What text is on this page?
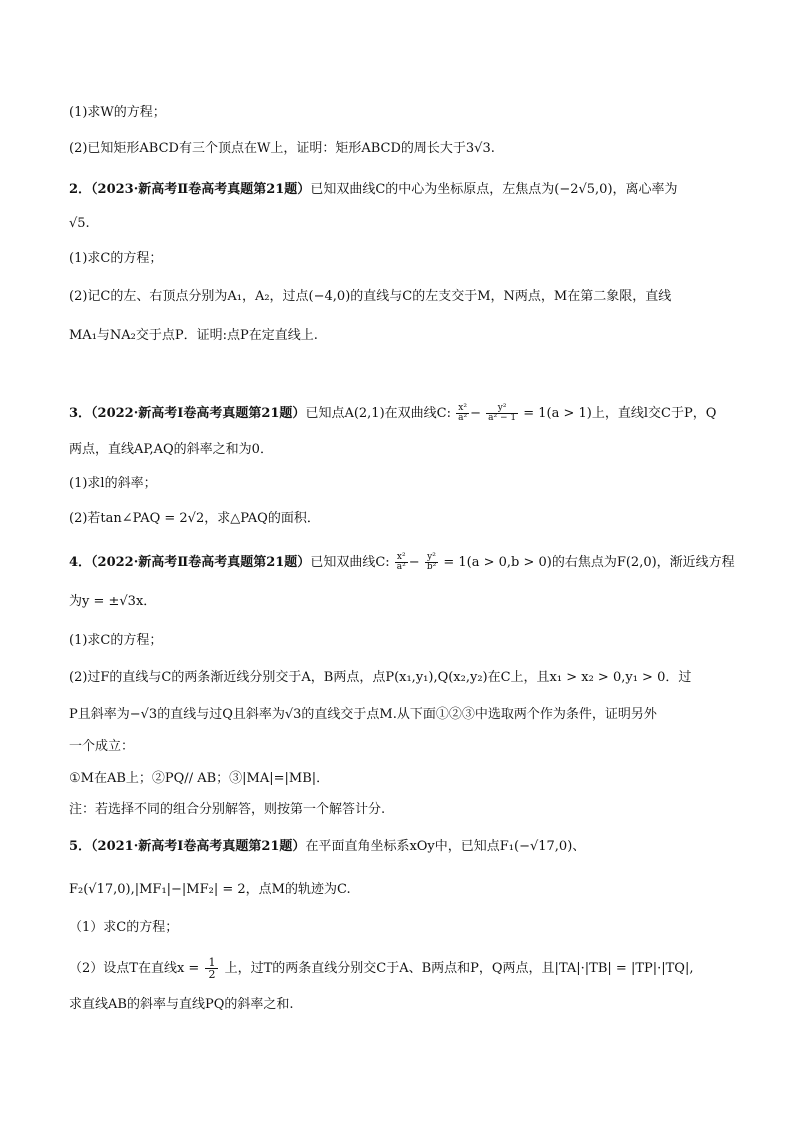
(1)求W的方程；
(2)已知矩形ABCD有三个顶点在W上，证明：矩形ABCD的周长大于3√3.
2．（2023·新高考Ⅱ卷高考真题第21题）已知双曲线C的中心为坐标原点，左焦点为(−2√5,0)，离心率为
√5.
(1)求C的方程；
(2)记C的左、右顶点分别为A₁，A₂，过点(−4,0)的直线与C的左支交于M，N两点，M在第二象限，直线
MA₁与NA₂交于点P．证明:点P在定直线上.
3．（2022·新高考Ⅰ卷高考真题第21题）已知点A(2,1)在双曲线C: $\frac{\text{x²}}{\text{a²}} - \frac{\text{y²}}{\text{a² − 1}} = 1(a > 1)$上，直线l交C于P，Q
两点，直线AP,AQ的斜率之和为0．
(1)求l的斜率；
(2)若tan∠PAQ = 2√2，求△PAQ的面积．
4．（2022·新高考Ⅱ卷高考真题第21题）已知双曲线C: $\frac{\text{x²}}{\text{a²}} - \frac{\text{y²}}{\text{b²}} = 1(a > 0,b > 0)$的右焦点为F(2,0)，渐近线方程
为y = ±√3x．
(1)求C的方程；
(2)过F的直线与C的两条渐近线分别交于A，B两点，点P(x₁,y₁),Q(x₂,y₂)在C上，且x₁ > x₂ > 0,y₁ > 0．过
P且斜率为−√3的直线与过Q且斜率为√3的直线交于点M.从下面①②③中选取两个作为条件，证明另外
一个成立：
①M在AB上；②PQ// AB；③|MA|=|MB|．
注：若选择不同的组合分别解答，则按第一个解答计分.
5．（2021·新高考Ⅰ卷高考真题第21题）在平面直角坐标系xOy中，已知点F₁(−√17,0)、
F₂(√17,0),|MF₁|−|MF₂| = 2，点M的轨迹为C.
（1）求C的方程；
（2）设点T在直线$x = \frac{1}{2}$ 上，过T的两条直线分别交C于A、B两点和P，Q两点，且|TA|·|TB| = |TP|·|TQ|,
求直线AB的斜率与直线PQ的斜率之和.
